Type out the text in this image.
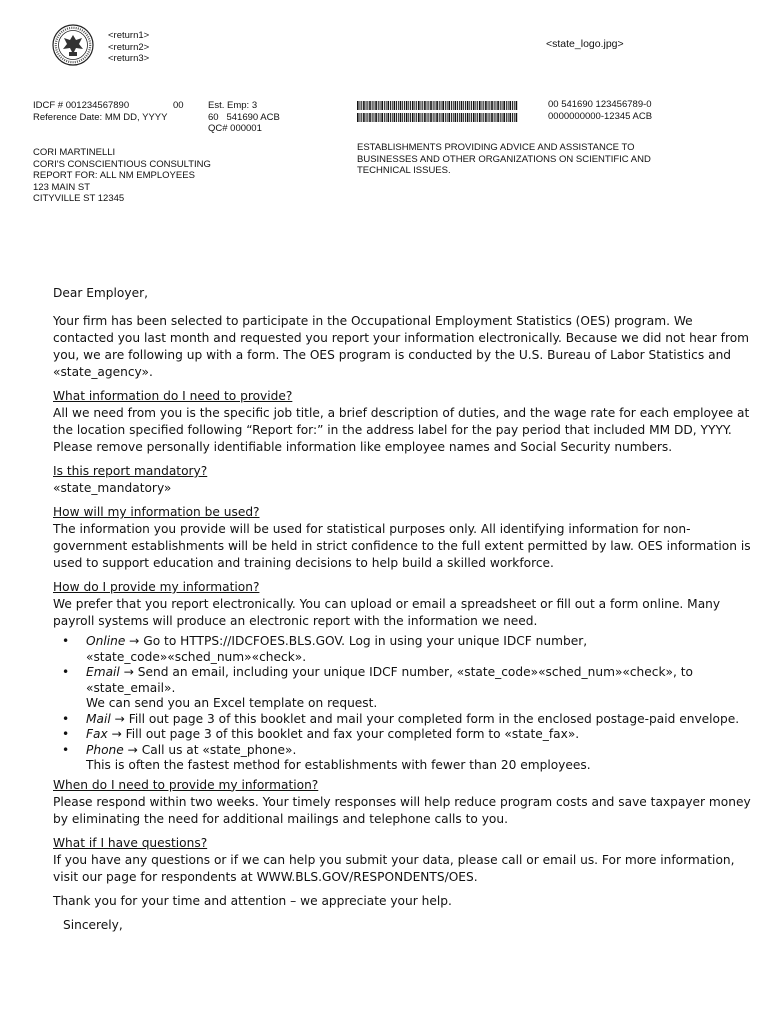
<return1>
<return2>
<return3>
<state_logo.jpg>
IDCF # 001234567890	00
Reference Date: MM DD, YYYY
Est. Emp: 3
60   541690 ACB
QC# 000001
00 541690 123456789-0
0000000000-12345 ACB
CORI MARTINELLI
CORI'S CONSCIENTIOUS CONSULTING
REPORT FOR: ALL NM EMPLOYEES
123 MAIN ST
CITYVILLE ST 12345
ESTABLISHMENTS PROVIDING ADVICE AND ASSISTANCE TO BUSINESSES AND OTHER ORGANIZATIONS ON SCIENTIFIC AND TECHNICAL ISSUES.

Dear Employer,

Your firm has been selected to participate in the Occupational Employment Statistics (OES) program. We contacted you last month and requested you report your information electronically. Because we did not hear from you, we are following up with a form. The OES program is conducted by the U.S. Bureau of Labor Statistics and «state_agency».

What information do I need to provide?

All we need from you is the specific job title, a brief description of duties, and the wage rate for each employee at the location specified following “Report for:” in the address label for the pay period that included MM DD, YYYY. Please remove personally identifiable information like employee names and Social Security numbers.

Is this report mandatory?

«state_mandatory»

How will my information be used?

The information you provide will be used for statistical purposes only. All identifying information for non-government establishments will be held in strict confidence to the full extent permitted by law. OES information is used to support education and training decisions to help build a skilled workforce.

How do I provide my information?

We prefer that you report electronically. You can upload or email a spreadsheet or fill out a form online. Many payroll systems will produce an electronic report with the information we need.

• Online → Go to HTTPS://IDCFOES.BLS.GOV. Log in using your unique IDCF number, «state_code»«sched_num»«check».
• Email → Send an email, including your unique IDCF number, «state_code»«sched_num»«check», to «state_email».
We can send you an Excel template on request.
• Mail → Fill out page 3 of this booklet and mail your completed form in the enclosed postage-paid envelope.
• Fax → Fill out page 3 of this booklet and fax your completed form to «state_fax».
• Phone → Call us at «state_phone».
This is often the fastest method for establishments with fewer than 20 employees.

When do I need to provide my information?

Please respond within two weeks. Your timely responses will help reduce program costs and save taxpayer money by eliminating the need for additional mailings and telephone calls to you.

What if I have questions?

If you have any questions or if we can help you submit your data, please call or email us. For more information, visit our page for respondents at WWW.BLS.GOV/RESPONDENTS/OES.

Thank you for your time and attention – we appreciate your help.

Sincerely,
